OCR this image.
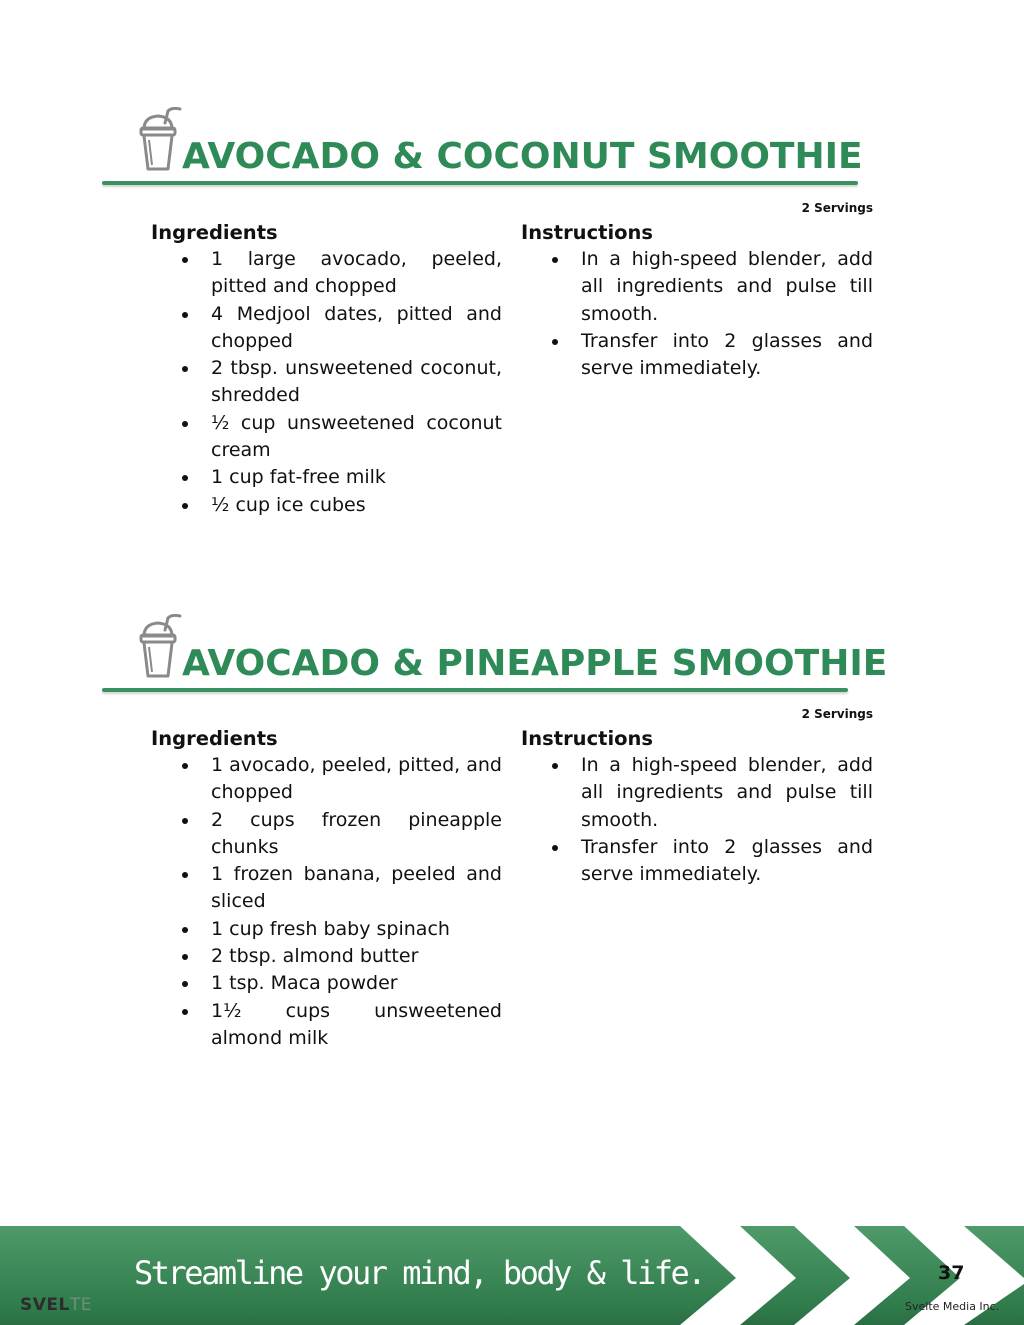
AVOCADO & COCONUT SMOOTHIE
2 Servings
Ingredients
1 large avocado, peeled, pitted and chopped
4 Medjool dates, pitted and chopped
2 tbsp. unsweetened coconut, shredded
½ cup unsweetened coconut cream
1 cup fat-free milk
½ cup ice cubes
Instructions
In a high-speed blender, add all ingredients and pulse till smooth.
Transfer into 2 glasses and serve immediately.
AVOCADO & PINEAPPLE SMOOTHIE
2 Servings
Ingredients
1 avocado, peeled, pitted, and chopped
2 cups frozen pineapple chunks
1 frozen banana, peeled and sliced
1 cup fresh baby spinach
2 tbsp. almond butter
1 tsp. Maca powder
1½ cups unsweetened almond milk
Instructions
In a high-speed blender, add all ingredients and pulse till smooth.
Transfer into 2 glasses and serve immediately.

Streamline your mind, body & life.

SVELTE
37
Svelte Media Inc.
